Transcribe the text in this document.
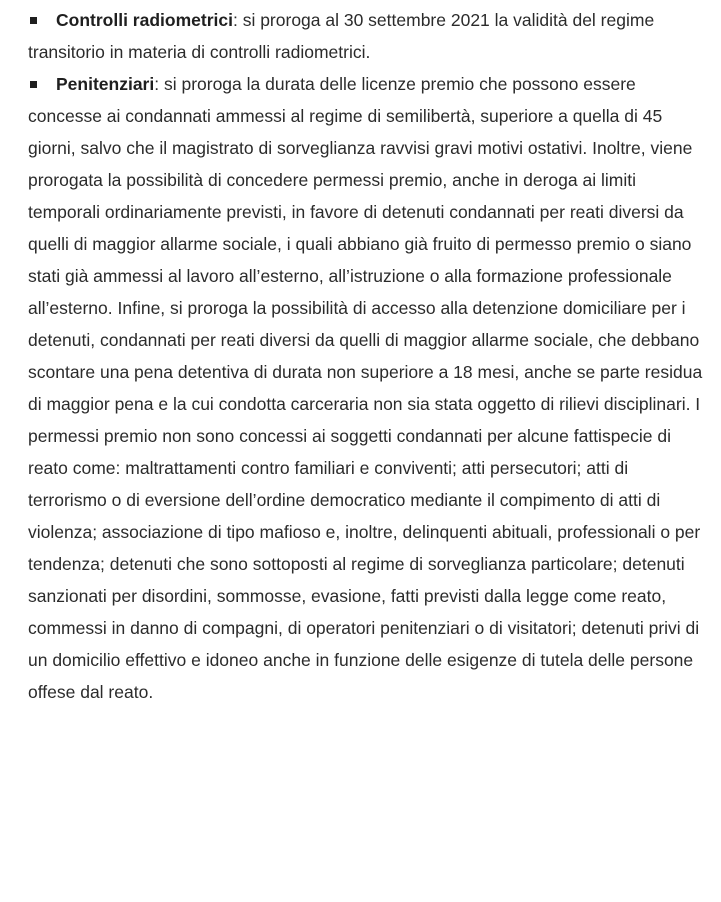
Controlli radiometrici: si proroga al 30 settembre 2021 la validità del regime transitorio in materia di controlli radiometrici.
Penitenziari: si proroga la durata delle licenze premio che possono essere concesse ai condannati ammessi al regime di semilibertà, superiore a quella di 45 giorni, salvo che il magistrato di sorveglianza ravvisi gravi motivi ostativi. Inoltre, viene prorogata la possibilità di concedere permessi premio, anche in deroga ai limiti temporali ordinariamente previsti, in favore di detenuti condannati per reati diversi da quelli di maggior allarme sociale, i quali abbiano già fruito di permesso premio o siano stati già ammessi al lavoro all’esterno, all’istruzione o alla formazione professionale all’esterno. Infine, si proroga la possibilità di accesso alla detenzione domiciliare per i detenuti, condannati per reati diversi da quelli di maggior allarme sociale, che debbano scontare una pena detentiva di durata non superiore a 18 mesi, anche se parte residua di maggior pena e la cui condotta carceraria non sia stata oggetto di rilievi disciplinari. I permessi premio non sono concessi ai soggetti condannati per alcune fattispecie di reato come: maltrattamenti contro familiari e conviventi; atti persecutori; atti di terrorismo o di eversione dell’ordine democratico mediante il compimento di atti di violenza; associazione di tipo mafioso e, inoltre, delinquenti abituali, professionali o per tendenza; detenuti che sono sottoposti al regime di sorveglianza particolare; detenuti sanzionati per disordini, sommosse, evasione, fatti previsti dalla legge come reato, commessi in danno di compagni, di operatori penitenziari o di visitatori; detenuti privi di un domicilio effettivo e idoneo anche in funzione delle esigenze di tutela delle persone offese dal reato.
